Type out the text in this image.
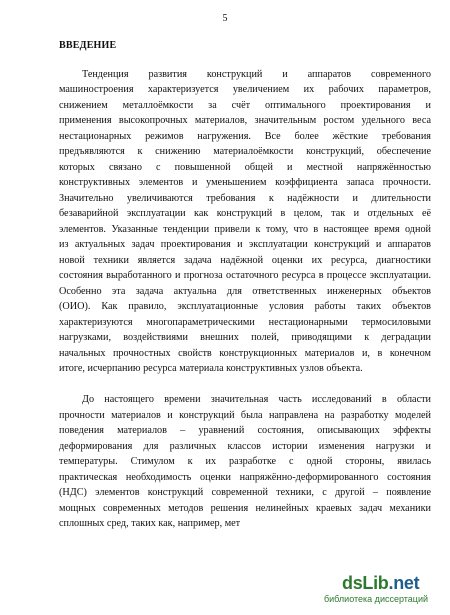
5
ВВЕДЕНИЕ
Тенденция развития конструкций и аппаратов современного
машиностроения характеризуется увеличением их рабочих параметров,
снижением металлоёмкости за счёт оптимального проектирования и
применения высокопрочных материалов, значительным ростом удельного веса
нестационарных режимов нагружения. Все более жёсткие требования
предъявляются к снижению материалоёмкости конструкций, обеспечение
которых связано с повышенной общей и местной напряжённостью
конструктивных элементов и уменьшением коэффициента запаса прочности.
Значительно увеличиваются требования к надёжности и длительности
безаварийной эксплуатации как конструкций в целом, так и отдельных её
элементов. Указанные тенденции привели к тому, что в настоящее время одной
из актуальных задач проектирования и эксплуатации конструкций и аппаратов
новой техники является задача надёжной оценки их ресурса, диагностики
состояния выработанного и прогноза остаточного ресурса в процессе эксплуатации.
Особенно эта задача актуальна для ответственных инженерных объектов
(ОИО). Как правило, эксплуатационные условия работы таких объектов
характеризуются многопараметрическими нестационарными термосиловыми
нагрузками, воздействиями внешних полей, приводящими к деградации
начальных прочностных свойств конструкционных материалов и, в конечном
итоге, исчерпанию ресурса материала конструктивных узлов объекта.
До настоящего времени значительная часть исследований в области
прочности материалов и конструкций была направлена на разработку моделей
поведения материалов – уравнений состояния, описывающих эффекты
деформирования для различных классов истории изменения нагрузки и
температуры. Стимулом к их разработке с одной стороны, явилась
практическая необходимость оценки напряжённо-деформированного состояния
(НДС) элементов конструкций современной техники, с другой – появление
мощных современных методов решения нелинейных краевых задач механики
сплошных сред, таких как, например, мет
dsLib.net
библиотека диссертаций
